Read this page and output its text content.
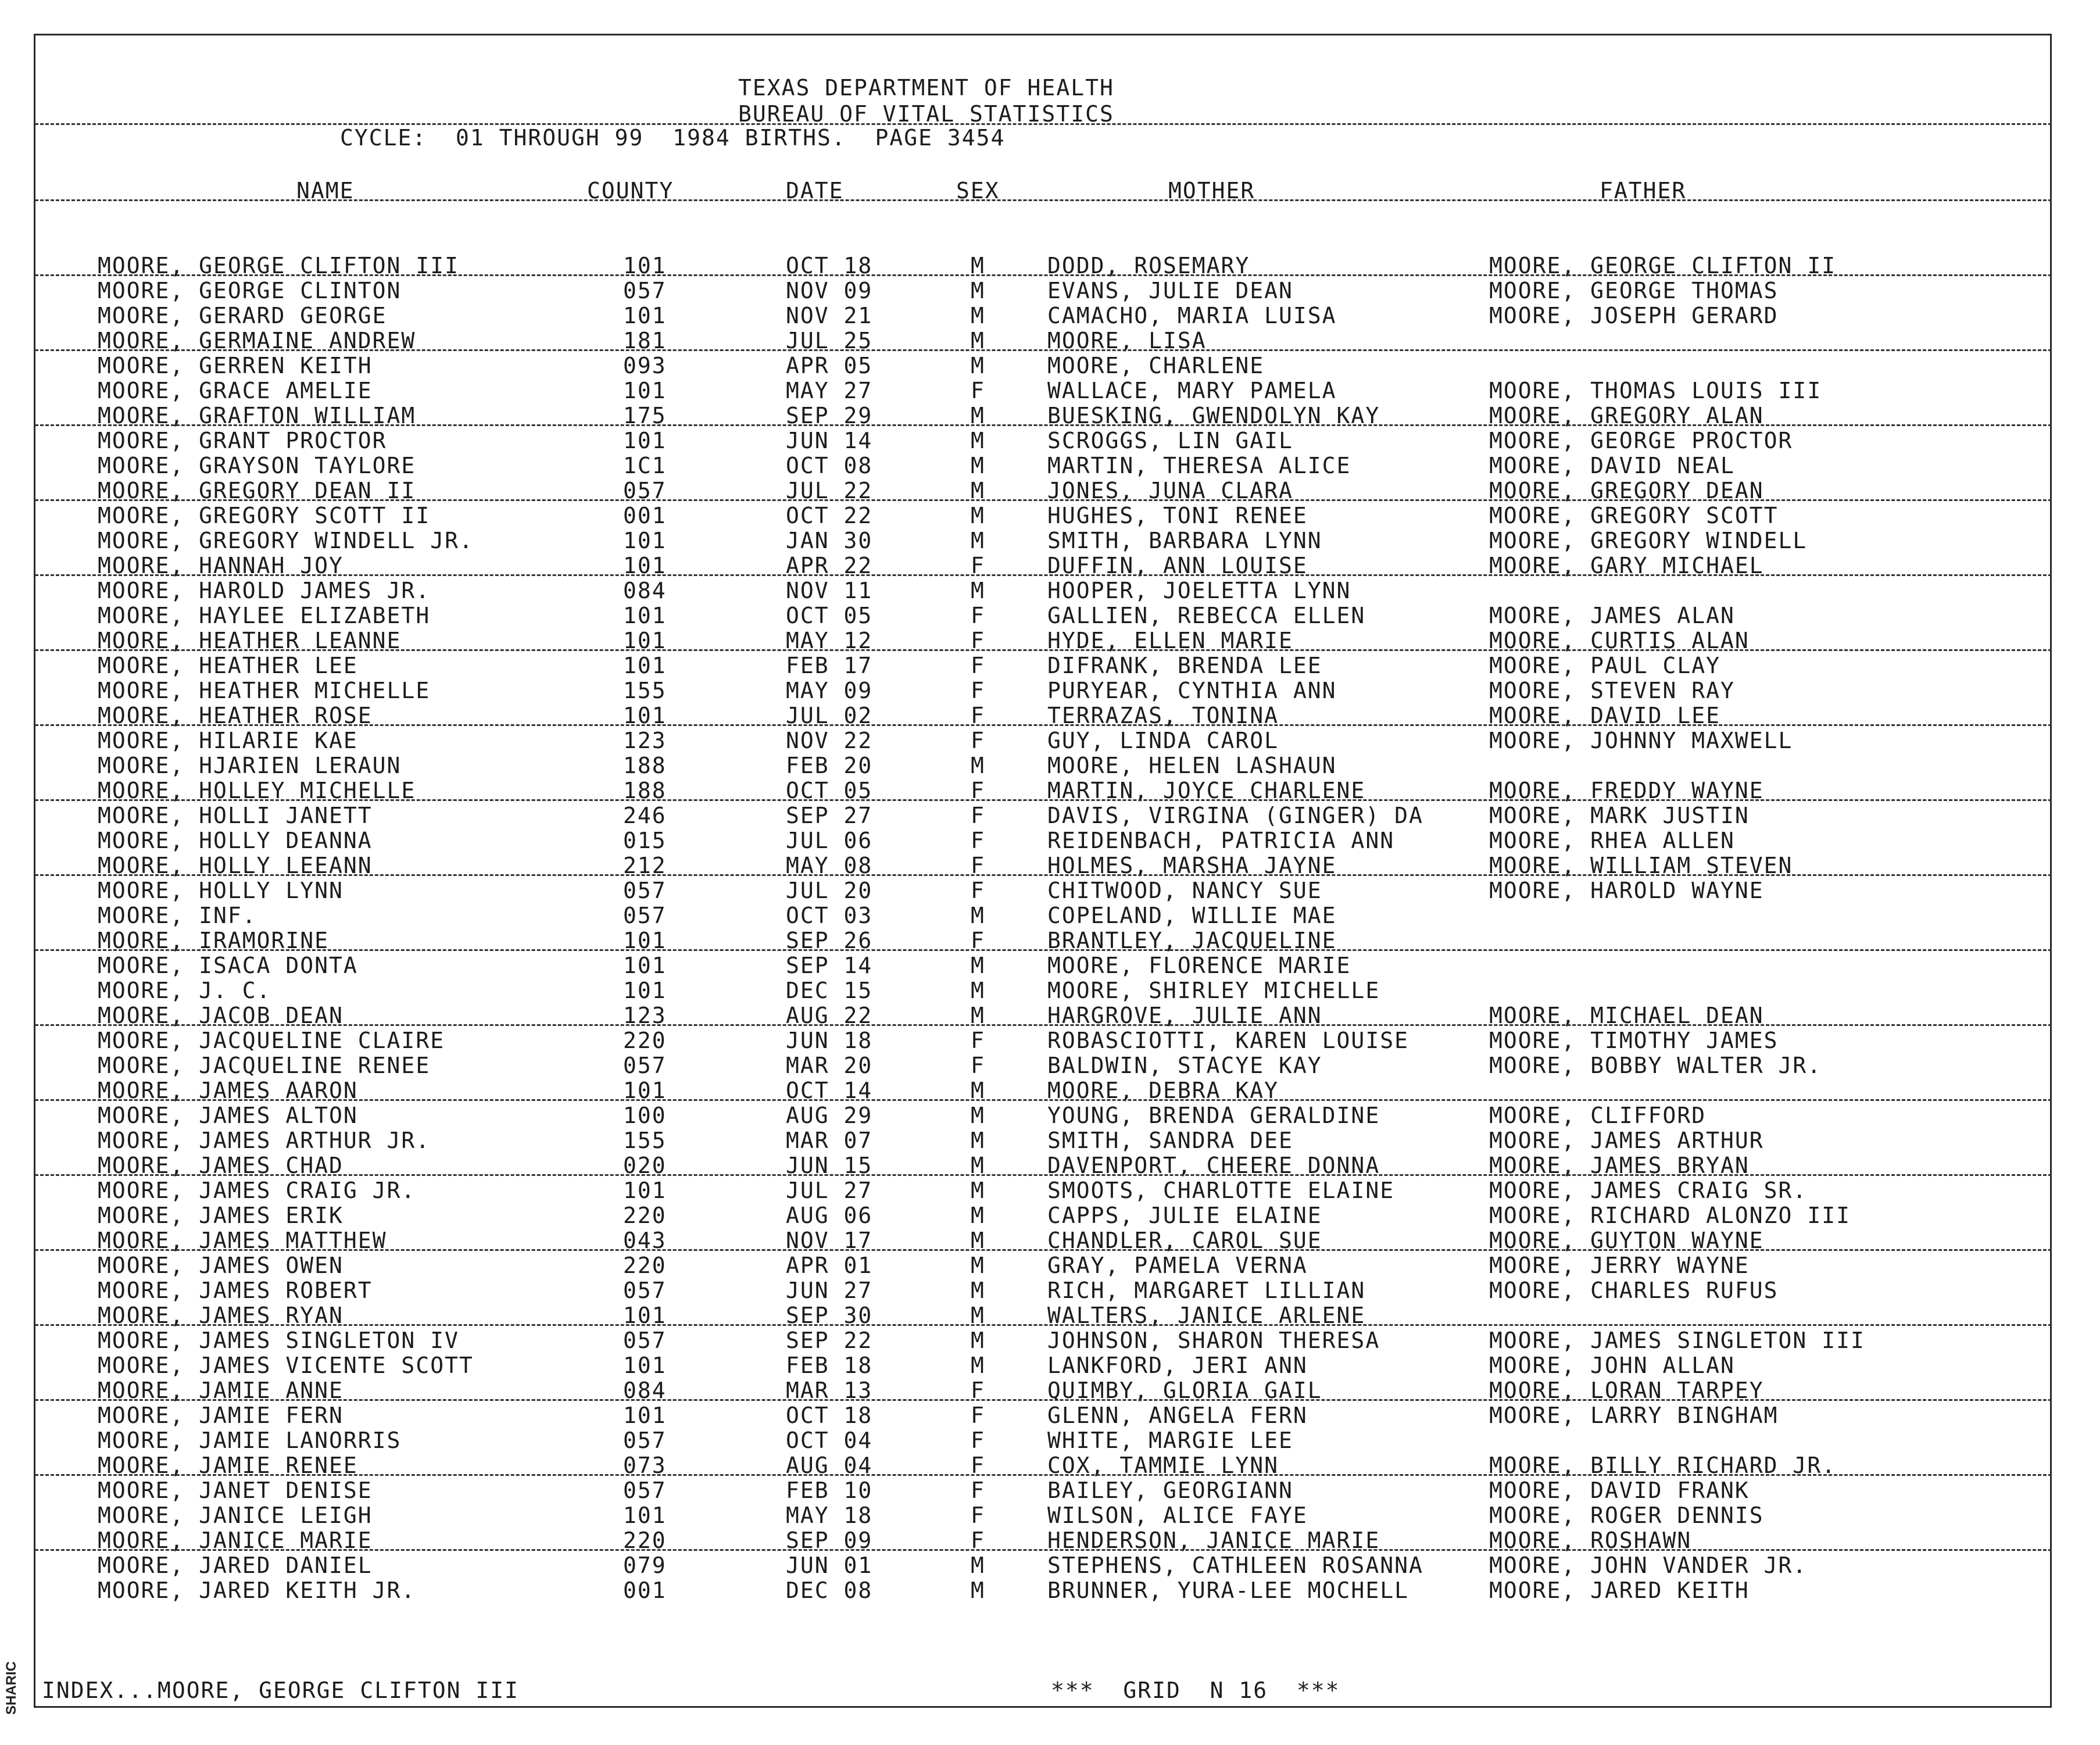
SHARIC
TEXAS DEPARTMENT OF HEALTH
BUREAU OF VITAL STATISTICS
CYCLE:  01 THROUGH 99  1984 BIRTHS.  PAGE 3454
NAME	COUNTY	DATE	SEX	MOTHER	FATHER
MOORE, GEORGE CLIFTON III	101	OCT 18	M	DODD, ROSEMARY	MOORE, GEORGE CLIFTON II
MOORE, GEORGE CLINTON	057	NOV 09	M	EVANS, JULIE DEAN	MOORE, GEORGE THOMAS
MOORE, GERARD GEORGE	101	NOV 21	M	CAMACHO, MARIA LUISA	MOORE, JOSEPH GERARD
MOORE, GERMAINE ANDREW	181	JUL 25	M	MOORE, LISA
MOORE, GERREN KEITH	093	APR 05	M	MOORE, CHARLENE
MOORE, GRACE AMELIE	101	MAY 27	F	WALLACE, MARY PAMELA	MOORE, THOMAS LOUIS III
MOORE, GRAFTON WILLIAM	175	SEP 29	M	BUESKING, GWENDOLYN KAY	MOORE, GREGORY ALAN
MOORE, GRANT PROCTOR	101	JUN 14	M	SCROGGS, LIN GAIL	MOORE, GEORGE PROCTOR
MOORE, GRAYSON TAYLORE	1C1	OCT 08	M	MARTIN, THERESA ALICE	MOORE, DAVID NEAL
MOORE, GREGORY DEAN II	057	JUL 22	M	JONES, JUNA CLARA	MOORE, GREGORY DEAN
MOORE, GREGORY SCOTT II	001	OCT 22	M	HUGHES, TONI RENEE	MOORE, GREGORY SCOTT
MOORE, GREGORY WINDELL JR.	101	JAN 30	M	SMITH, BARBARA LYNN	MOORE, GREGORY WINDELL
MOORE, HANNAH JOY	101	APR 22	F	DUFFIN, ANN LOUISE	MOORE, GARY MICHAEL
MOORE, HAROLD JAMES JR.	084	NOV 11	M	HOOPER, JOELETTA LYNN
MOORE, HAYLEE ELIZABETH	101	OCT 05	F	GALLIEN, REBECCA ELLEN	MOORE, JAMES ALAN
MOORE, HEATHER LEANNE	101	MAY 12	F	HYDE, ELLEN MARIE	MOORE, CURTIS ALAN
MOORE, HEATHER LEE	101	FEB 17	F	DIFRANK, BRENDA LEE	MOORE, PAUL CLAY
MOORE, HEATHER MICHELLE	155	MAY 09	F	PURYEAR, CYNTHIA ANN	MOORE, STEVEN RAY
MOORE, HEATHER ROSE	101	JUL 02	F	TERRAZAS, TONINA	MOORE, DAVID LEE
MOORE, HILARIE KAE	123	NOV 22	F	GUY, LINDA CAROL	MOORE, JOHNNY MAXWELL
MOORE, HJARIEN LERAUN	188	FEB 20	M	MOORE, HELEN LASHAUN
MOORE, HOLLEY MICHELLE	188	OCT 05	F	MARTIN, JOYCE CHARLENE	MOORE, FREDDY WAYNE
MOORE, HOLLI JANETT	246	SEP 27	F	DAVIS, VIRGINA (GINGER) DA	MOORE, MARK JUSTIN
MOORE, HOLLY DEANNA	015	JUL 06	F	REIDENBACH, PATRICIA ANN	MOORE, RHEA ALLEN
MOORE, HOLLY LEEANN	212	MAY 08	F	HOLMES, MARSHA JAYNE	MOORE, WILLIAM STEVEN
MOORE, HOLLY LYNN	057	JUL 20	F	CHITWOOD, NANCY SUE	MOORE, HAROLD WAYNE
MOORE, INF.	057	OCT 03	M	COPELAND, WILLIE MAE
MOORE, IRAMORINE	101	SEP 26	F	BRANTLEY, JACQUELINE
MOORE, ISACA DONTA	101	SEP 14	M	MOORE, FLORENCE MARIE
MOORE, J. C.	101	DEC 15	M	MOORE, SHIRLEY MICHELLE
MOORE, JACOB DEAN	123	AUG 22	M	HARGROVE, JULIE ANN	MOORE, MICHAEL DEAN
MOORE, JACQUELINE CLAIRE	220	JUN 18	F	ROBASCIOTTI, KAREN LOUISE	MOORE, TIMOTHY JAMES
MOORE, JACQUELINE RENEE	057	MAR 20	F	BALDWIN, STACYE KAY	MOORE, BOBBY WALTER JR.
MOORE, JAMES AARON	101	OCT 14	M	MOORE, DEBRA KAY
MOORE, JAMES ALTON	100	AUG 29	M	YOUNG, BRENDA GERALDINE	MOORE, CLIFFORD
MOORE, JAMES ARTHUR JR.	155	MAR 07	M	SMITH, SANDRA DEE	MOORE, JAMES ARTHUR
MOORE, JAMES CHAD	020	JUN 15	M	DAVENPORT, CHEERE DONNA	MOORE, JAMES BRYAN
MOORE, JAMES CRAIG JR.	101	JUL 27	M	SMOOTS, CHARLOTTE ELAINE	MOORE, JAMES CRAIG SR.
MOORE, JAMES ERIK	220	AUG 06	M	CAPPS, JULIE ELAINE	MOORE, RICHARD ALONZO III
MOORE, JAMES MATTHEW	043	NOV 17	M	CHANDLER, CAROL SUE	MOORE, GUYTON WAYNE
MOORE, JAMES OWEN	220	APR 01	M	GRAY, PAMELA VERNA	MOORE, JERRY WAYNE
MOORE, JAMES ROBERT	057	JUN 27	M	RICH, MARGARET LILLIAN	MOORE, CHARLES RUFUS
MOORE, JAMES RYAN	101	SEP 30	M	WALTERS, JANICE ARLENE
MOORE, JAMES SINGLETON IV	057	SEP 22	M	JOHNSON, SHARON THERESA	MOORE, JAMES SINGLETON III
MOORE, JAMES VICENTE SCOTT	101	FEB 18	M	LANKFORD, JERI ANN	MOORE, JOHN ALLAN
MOORE, JAMIE ANNE	084	MAR 13	F	QUIMBY, GLORIA GAIL	MOORE, LORAN TARPEY
MOORE, JAMIE FERN	101	OCT 18	F	GLENN, ANGELA FERN	MOORE, LARRY BINGHAM
MOORE, JAMIE LANORRIS	057	OCT 04	F	WHITE, MARGIE LEE
MOORE, JAMIE RENEE	073	AUG 04	F	COX, TAMMIE LYNN	MOORE, BILLY RICHARD JR.
MOORE, JANET DENISE	057	FEB 10	F	BAILEY, GEORGIANN	MOORE, DAVID FRANK
MOORE, JANICE LEIGH	101	MAY 18	F	WILSON, ALICE FAYE	MOORE, ROGER DENNIS
MOORE, JANICE MARIE	220	SEP 09	F	HENDERSON, JANICE MARIE	MOORE, ROSHAWN
MOORE, JARED DANIEL	079	JUN 01	M	STEPHENS, CATHLEEN ROSANNA	MOORE, JOHN VANDER JR.
MOORE, JARED KEITH JR.	001	DEC 08	M	BRUNNER, YURA-LEE MOCHELL	MOORE, JARED KEITH
INDEX...MOORE, GEORGE CLIFTON III	***  GRID  N 16  ***
